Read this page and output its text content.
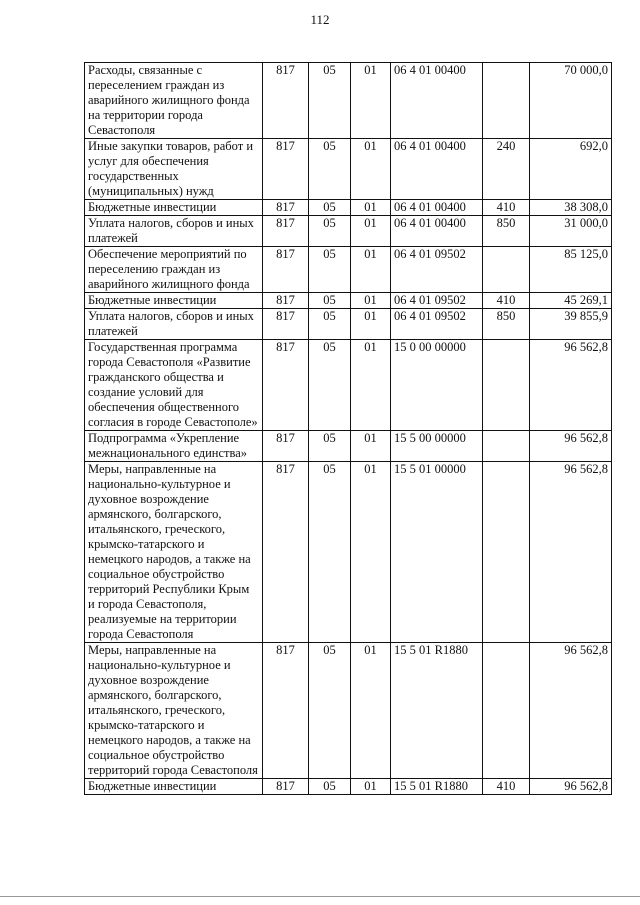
112
Расходы, связанные с переселением граждан из аварийного жилищного фонда на территории города Севастополя	817	05	01	06 4 01 00400		70 000,0
Иные закупки товаров, работ и услуг для обеспечения государственных (муниципальных) нужд	817	05	01	06 4 01 00400	240	692,0
Бюджетные инвестиции	817	05	01	06 4 01 00400	410	38 308,0
Уплата налогов, сборов и иных платежей	817	05	01	06 4 01 00400	850	31 000,0
Обеспечение мероприятий по переселению граждан из аварийного жилищного фонда	817	05	01	06 4 01 09502		85 125,0
Бюджетные инвестиции	817	05	01	06 4 01 09502	410	45 269,1
Уплата налогов, сборов и иных платежей	817	05	01	06 4 01 09502	850	39 855,9
Государственная программа города Севастополя «Развитие гражданского общества и создание условий для обеспечения общественного согласия в городе Севастополе»	817	05	01	15 0 00 00000		96 562,8
Подпрограмма «Укрепление межнационального единства»	817	05	01	15 5 00 00000		96 562,8
Меры, направленные на национально-культурное и духовное возрождение армянского, болгарского, итальянского, греческого, крымско-татарского и немецкого народов, а также на социальное обустройство территорий Республики Крым и города Севастополя, реализуемые на территории города Севастополя	817	05	01	15 5 01 00000		96 562,8
Меры, направленные на национально-культурное и духовное возрождение армянского, болгарского, итальянского, греческого, крымско-татарского и немецкого народов, а также на социальное обустройство территорий города Севастополя	817	05	01	15 5 01 R1880		96 562,8
Бюджетные инвестиции	817	05	01	15 5 01 R1880	410	96 562,8
